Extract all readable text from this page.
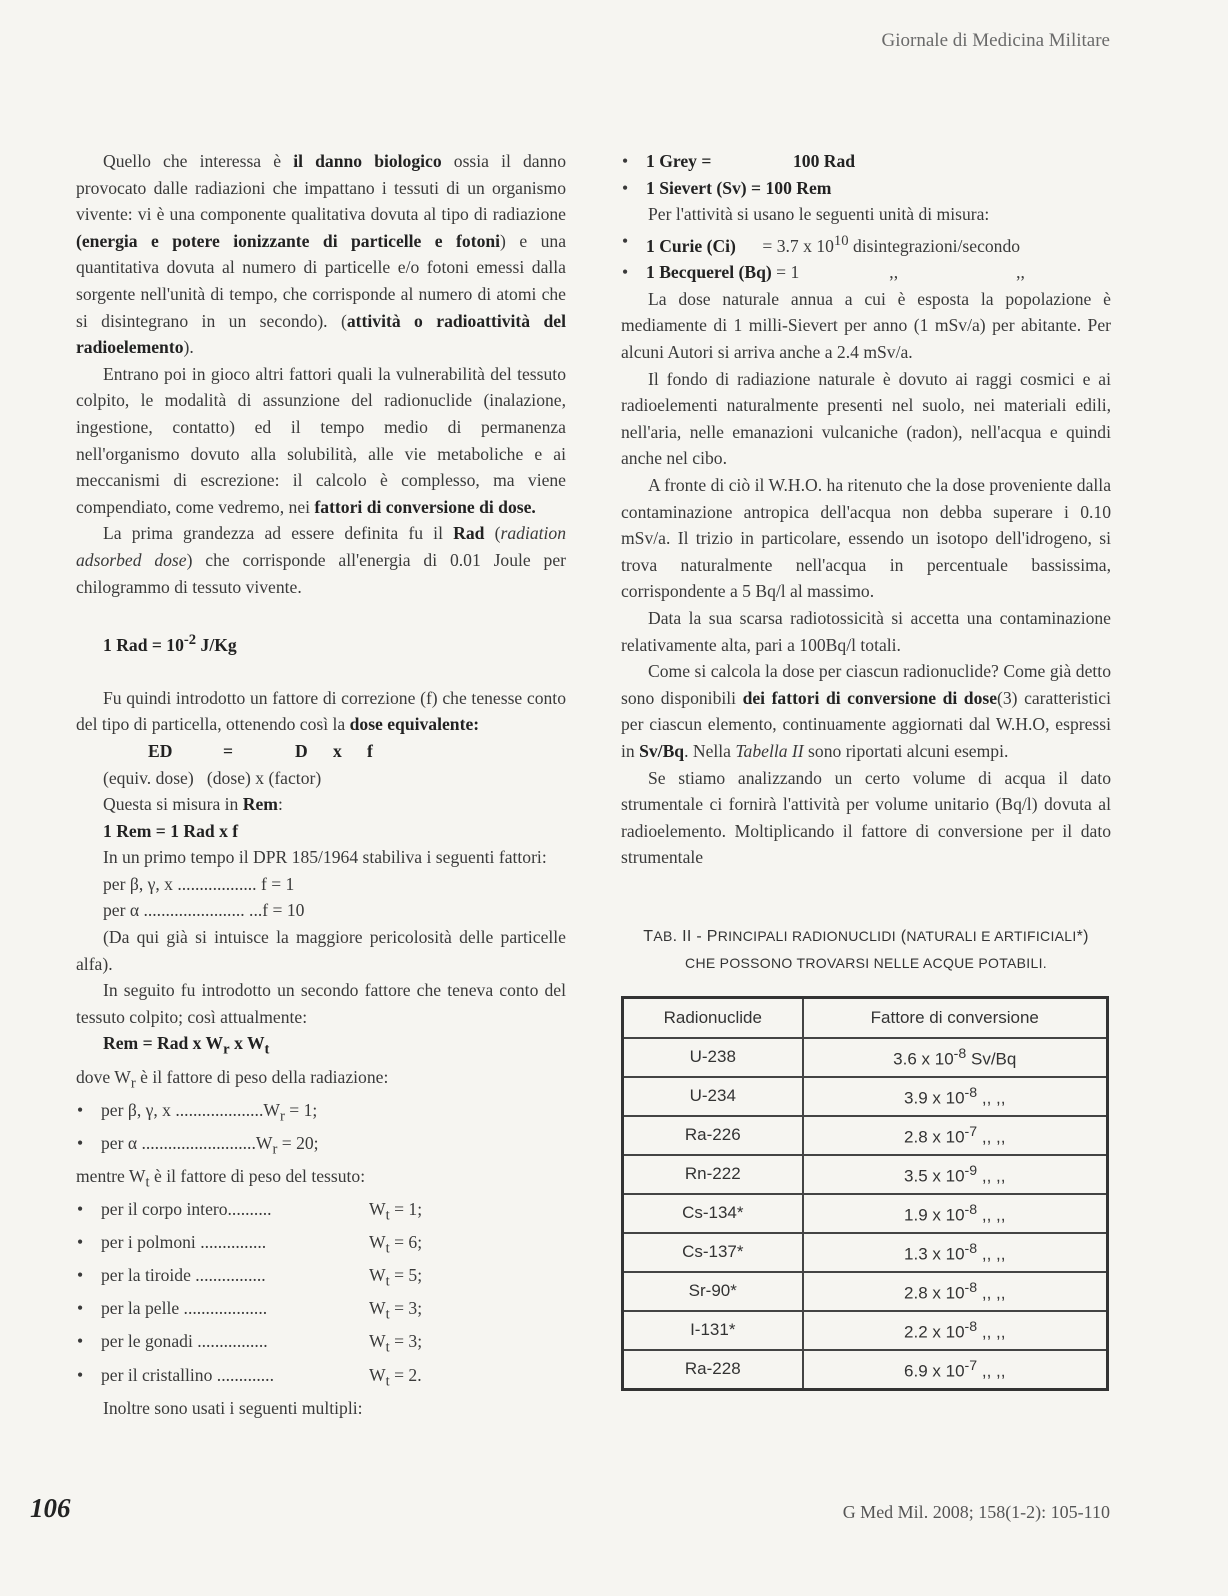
Giornale di Medicina Militare

Quello che interessa è il danno biologico ossia il danno provocato dalle radiazioni che impattano i tessuti di un organismo vivente: vi è una componente qualitativa dovuta al tipo di radiazione (energia e potere ionizzante di particelle e fotoni) e una quantitativa dovuta al numero di particelle e/o fotoni emessi dalla sorgente nell'unità di tempo, che corrisponde al numero di atomi che si disintegrano in un secondo). (attività o radioattività del radioelemento).

Entrano poi in gioco altri fattori quali la vulnerabilità del tessuto colpito, le modalità di assunzione del radionuclide (inalazione, ingestione, contatto) ed il tempo medio di permanenza nell'organismo dovuto alla solubilità, alle vie metaboliche e ai meccanismi di escrezione: il calcolo è complesso, ma viene compendiato, come vedremo, nei fattori di conversione di dose.

La prima grandezza ad essere definita fu il Rad (radiation adsorbed dose) che corrisponde all'energia di 0.01 Joule per chilogrammo di tessuto vivente.

1 Rad = $10^{-2}$ J/Kg

Fu quindi introdotto un fattore di correzione (f) che tenesse conto del tipo di particella, ottenendo così la dose equivalente:

ED	=	D x f
(equiv. dose)   (dose) x (factor)
Questa si misura in Rem:
1 Rem = 1 Rad x f

In un primo tempo il DPR 185/1964 stabiliva i seguenti fattori:

per β, γ, x .................. f = 1
per α ....................... ...f = 10

(Da qui già si intuisce la maggiore pericolosità delle particelle alfa).

In seguito fu introdotto un secondo fattore che teneva conto del tessuto colpito; così attualmente:

Rem = Rad x $W_r$ x $W_t$
dove $W_r$ è il fattore di peso della radiazione:
• per β, γ, x $....................W_r = 1$;
• per α $..........................W_r = 20$;
mentre $W_t$ è il fattore di peso del tessuto:
• per il corpo intero..........	$W_t = 1$;
• per i polmoni ...............	$W_t = 6$;
• per la tiroide ................	$W_t = 5$;
• per la pelle ...................	$W_t = 3$;
• per le gonadi ................	$W_t = 3$;
• per il cristallino .............	$W_t = 2$.
Inoltre sono usati i seguenti multipli:
• 1 Grey =	100 Rad
• 1 Sievert (Sv) = 100 Rem
Per l'attività si usano le seguenti unità di misura:
• 1 Curie (Ci) = 3.7 x $10^{10}$ disintegrazioni/secondo
• 1 Becquerel (Bq) = 1	,,	,,

La dose naturale annua a cui è esposta la popolazione è mediamente di 1 milli-Sievert per anno (1 mSv/a) per abitante. Per alcuni Autori si arriva anche a 2.4 mSv/a.

Il fondo di radiazione naturale è dovuto ai raggi cosmici e ai radioelementi naturalmente presenti nel suolo, nei materiali edili, nell'aria, nelle emanazioni vulcaniche (radon), nell'acqua e quindi anche nel cibo.

A fronte di ciò il W.H.O. ha ritenuto che la dose proveniente dalla contaminazione antropica dell'acqua non debba superare i 0.10 mSv/a. Il trizio in particolare, essendo un isotopo dell'idrogeno, si trova naturalmente nell'acqua in percentuale bassissima, corrispondente a 5 Bq/l al massimo.

Data la sua scarsa radiotossicità si accetta una contaminazione relativamente alta, pari a 100Bq/l totali.

Come si calcola la dose per ciascun radionuclide? Come già detto sono disponibili dei fattori di conversione di dose(3) caratteristici per ciascun elemento, continuamente aggiornati dal W.H.O, espressi in Sv/Bq. Nella Tabella II sono riportati alcuni esempi.

Se stiamo analizzando un certo volume di acqua il dato strumentale ci fornirà l'attività per volume unitario (Bq/l) dovuta al radioelemento. Moltiplicando il fattore di conversione per il dato strumentale

TAB. II - PRINCIPALI RADIONUCLIDI (NATURALI E ARTIFICIALI*)
CHE POSSONO TROVARSI NELLE ACQUE POTABILI.
Radionuclide	Fattore di conversione
U-238	3.6 x $10^{-8}$ Sv/Bq
U-234	3.9 x $10^{-8}$ ,, ,,
Ra-226	2.8 x $10^{-7}$ ,, ,,
Rn-222	3.5 x $10^{-9}$ ,, ,,
Cs-134*	1.9 x $10^{-8}$ ,, ,,
Cs-137*	1.3 x $10^{-8}$ ,, ,,
Sr-90*	2.8 x $10^{-8}$ ,, ,,
I-131*	2.2 x $10^{-8}$ ,, ,,
Ra-228	6.9 x $10^{-7}$ ,, ,,
106	G Med Mil. 2008; 158(1-2): 105-110
